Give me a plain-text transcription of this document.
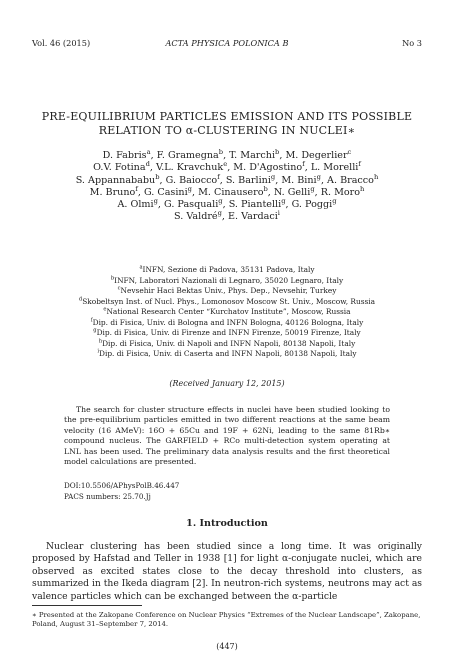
Vol. 46 (2015)	ACTA PHYSICA POLONICA B	No 3
PRE-EQUILIBRIUM PARTICLES EMISSION AND ITS POSSIBLE RELATION TO α-CLUSTERING IN NUCLEI∗
D. Fabris$^a$, F. Gramegna$^b$, T. Marchi$^b$, M. Degerlier$^c$
O.V. Fotina$^d$, V.L. Kravchuk$^e$, M. D'Agostino$^f$, L. Morelli$^f$
S. Appannababu$^b$, G. Baiocco$^f$, S. Barlini$^g$, M. Bini$^g$, A. Bracco$^h$
M. Bruno$^f$, G. Casini$^g$, M. Cinausero$^b$, N. Gelli$^g$, R. Moro$^h$
A. Olmi$^g$, G. Pasquali$^g$, S. Piantelli$^g$, G. Poggi$^g$
S. Valdré$^g$, E. Vardaci$^i$
$^a$INFN, Sezione di Padova, 35131 Padova, Italy
$^b$INFN, Laboratori Nazionali di Legnaro, 35020 Legnaro, Italy
$^c$Nevsehir Haci Bektas Univ., Phys. Dep., Nevsehir, Turkey
$^d$Skobeltsyn Inst. of Nucl. Phys., Lomonosov Moscow St. Univ., Moscow, Russia
$^e$National Research Center “Kurchatov Institute”, Moscow, Russia
$^f$Dip. di Fisica, Univ. di Bologna and INFN Bologna, 40126 Bologna, Italy
$^g$Dip. di Fisica, Univ. di Firenze and INFN Firenze, 50019 Firenze, Italy
$^h$Dip. di Fisica, Univ. di Napoli and INFN Napoli, 80138 Napoli, Italy
$^i$Dip. di Fisica, Univ. di Caserta and INFN Napoli, 80138 Napoli, Italy
(Received January 12, 2015)

The search for cluster structure effects in nuclei have been studied looking to the pre-equilibrium particles emitted in two different reactions at the same beam velocity (16 AMeV): 16O + 65Cu and 19F + 62Ni, leading to the same 81Rb∗ compound nucleus. The GARFIELD + RCo multi-detection system operating at LNL has been used. The preliminary data analysis results and the first theoretical model calculations are presented.

DOI:10.5506/APhysPolB.46.447
PACS numbers: 25.70.Jj
1. Introduction

Nuclear clustering has been studied since a long time. It was originally proposed by Hafstad and Teller in 1938 [1] for light α-conjugate nuclei, which are observed as excited states close to the decay threshold into clusters, as summarized in the Ikeda diagram [2]. In neutron-rich systems, neutrons may act as valence particles which can be exchanged between the α-particle

∗ Presented at the Zakopane Conference on Nuclear Physics “Extremes of the Nuclear Landscape”, Zakopane, Poland, August 31–September 7, 2014.
(447)
